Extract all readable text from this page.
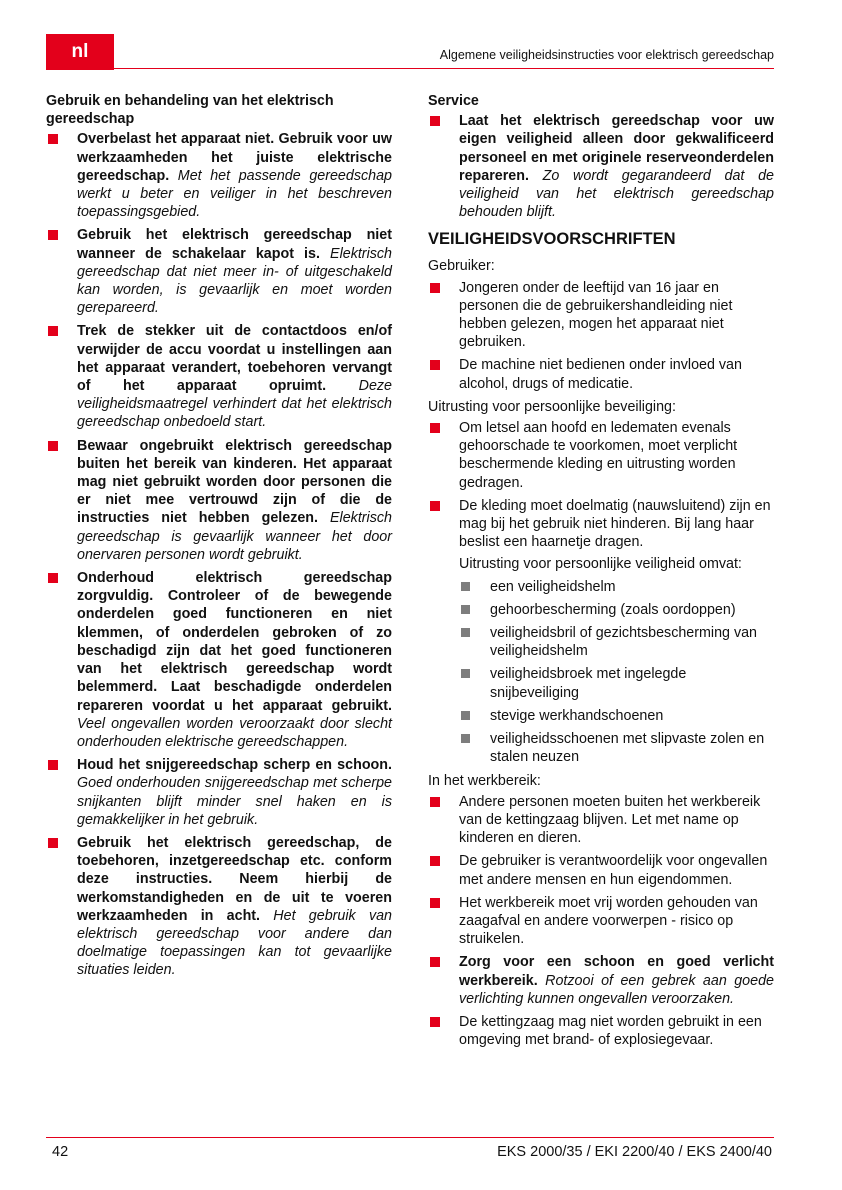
nl	Algemene veiligheidsinstructies voor elektrisch gereedschap
Gebruik en behandeling van het elektrisch gereedschap
Overbelast het apparaat niet. Gebruik voor uw werkzaamheden het juiste elektrische gereedschap. Met het passende gereedschap werkt u beter en veiliger in het beschreven toepassingsgebied.
Gebruik het elektrisch gereedschap niet wanneer de schakelaar kapot is. Elektrisch gereedschap dat niet meer in- of uitgeschakeld kan worden, is gevaarlijk en moet worden gerepareerd.
Trek de stekker uit de contactdoos en/of verwijder de accu voordat u instellingen aan het apparaat verandert, toebehoren vervangt of het apparaat opruimt. Deze veiligheidsmaatregel verhindert dat het elektrisch gereedschap onbedoeld start.
Bewaar ongebruikt elektrisch gereedschap buiten het bereik van kinderen. Het apparaat mag niet gebruikt worden door personen die er niet mee vertrouwd zijn of die de instructies niet hebben gelezen. Elektrisch gereedschap is gevaarlijk wanneer het door onervaren personen wordt gebruikt.
Onderhoud elektrisch gereedschap zorgvuldig. Controleer of de bewegende onderdelen goed functioneren en niet klemmen, of onderdelen gebroken of zo beschadigd zijn dat het goed functioneren van het elektrisch gereedschap wordt belemmerd. Laat beschadigde onderdelen repareren voordat u het apparaat gebruikt. Veel ongevallen worden veroorzaakt door slecht onderhouden elektrische gereedschappen.
Houd het snijgereedschap scherp en schoon. Goed onderhouden snijgereedschap met scherpe snijkanten blijft minder snel haken en is gemakkelijker in het gebruik.
Gebruik het elektrisch gereedschap, de toebehoren, inzetgereedschap etc. conform deze instructies. Neem hierbij de werkomstandigheden en de uit te voeren werkzaamheden in acht. Het gebruik van elektrisch gereedschap voor andere dan doelmatige toepassingen kan tot gevaarlijke situaties leiden.
Service
Laat het elektrisch gereedschap voor uw eigen veiligheid alleen door gekwalificeerd personeel en met originele reserveonderdelen repareren. Zo wordt gegarandeerd dat de veiligheid van het elektrisch gereedschap behouden blijft.
VEILIGHEIDSVOORSCHRIFTEN

Gebruiker:

Jongeren onder de leeftijd van 16 jaar en personen die de gebruikershandleiding niet hebben gelezen, mogen het apparaat niet gebruiken.
De machine niet bedienen onder invloed van alcohol, drugs of medicatie.

Uitrusting voor persoonlijke beveiliging:

Om letsel aan hoofd en ledematen evenals gehoorschade te voorkomen, moet verplicht beschermende kleding en uitrusting worden gedragen.
De kleding moet doelmatig (nauwsluitend) zijn en mag bij het gebruik niet hinderen. Bij lang haar beslist een haarnetje dragen.
Uitrusting voor persoonlijke veiligheid omvat:
een veiligheidshelm
gehoorbescherming (zoals oordoppen)
veiligheidsbril of gezichtsbescherming van veiligheidshelm
veiligheidsbroek met ingelegde snijbeveiliging
stevige werkhandschoenen
veiligheidsschoenen met slipvaste zolen en stalen neuzen

In het werkbereik:

Andere personen moeten buiten het werkbereik van de kettingzaag blijven. Let met name op kinderen en dieren.
De gebruiker is verantwoordelijk voor ongevallen met andere mensen en hun eigendommen.
Het werkbereik moet vrij worden gehouden van zaagafval en andere voorwerpen - risico op struikelen.
Zorg voor een schoon en goed verlicht werkbereik. Rotzooi of een gebrek aan goede verlichting kunnen ongevallen veroorzaken.
De kettingzaag mag niet worden gebruikt in een omgeving met brand- of explosiegevaar.
42	EKS 2000/35 / EKI 2200/40 / EKS 2400/40
